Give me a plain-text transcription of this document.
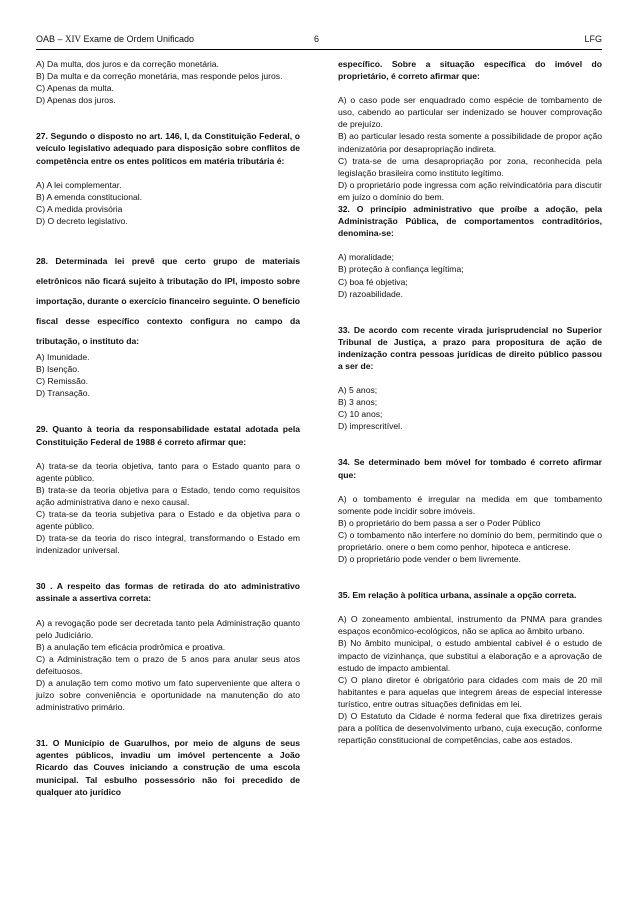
OAB – XIV Exame de Ordem Unificado	6	LFG

A) Da multa, dos juros e da correção monetária.

B) Da multa e da correção monetária, mas responde pelos juros.

C) Apenas da multa.

D) Apenas dos juros.

27. Segundo o disposto no art. 146, I, da Constituição Federal, o veículo legislativo adequado para disposição sobre conflitos de competência entre os entes políticos em matéria tributária é:

A) A lei complementar.

B) A emenda constitucional.

C) A medida provisória

D) O decreto legislativo.

28. Determinada lei prevê que certo grupo de materiais eletrônicos não ficará sujeito à tributação do IPI, imposto sobre importação, durante o exercício financeiro seguinte. O benefício fiscal desse específico contexto configura no campo da tributação, o instituto da:

A) Imunidade.

B) Isenção.

C) Remissão.

D) Transação.

29. Quanto à teoria da responsabilidade estatal adotada pela Constituição Federal de 1988 é correto afirmar que:

A) trata-se da teoria objetiva, tanto para o Estado quanto para o agente público.

B) trata-se da teoria objetiva para o Estado, tendo como requisitos ação administrativa dano e nexo causal.

C) trata-se da teoria subjetiva para o Estado e da objetiva para o agente público.

D) trata-se da teoria do risco integral, transformando o Estado em indenizador universal.

30 . A respeito das formas de retirada do ato administrativo assinale a assertiva correta:

A) a revogação pode ser decretada tanto pela Administração quanto pelo Judiciário.

B) a anulação tem eficácia prodrômica e proativa.

C) a Administração tem o prazo de 5 anos para anular seus atos defeituosos.

D) a anulação tem como motivo um fato superveniente que altera o juízo sobre conveniência e oportunidade na manutenção do ato administrativo primário.

31. O Município de Guarulhos, por meio de alguns de seus agentes públicos, invadiu um imóvel pertencente a João Ricardo das Couves iniciando a construção de uma escola municipal. Tal esbulho possessório não foi precedido de qualquer ato jurídico

específico. Sobre a situação específica do imóvel do proprietário, é correto afirmar que:

A) o caso pode ser enquadrado como espécie de tombamento de uso, cabendo ao particular ser indenizado se houver comprovação de prejuízo.

B) ao particular lesado resta somente a possibilidade de propor ação indenizatória por desapropriação indireta.

C) trata-se de uma desapropriação por zona, reconhecida pela legislação brasileira como instituto legítimo.

D) o proprietário pode ingressa com ação reivindicatória para discutir em juízo o domínio do bem.

32. O princípio administrativo que proíbe a adoção, pela Administração Pública, de comportamentos contraditórios, denomina-se:

A) moralidade;

B) proteção à confiança legítima;

C) boa fé objetiva;

D) razoabilidade.

33. De acordo com recente virada jurisprudencial no Superior Tribunal de Justiça, a prazo para propositura de ação de indenização contra pessoas jurídicas de direito público passou a ser de:

A) 5 anos;

B) 3 anos;

C) 10 anos;

D) imprescritível.

34. Se determinado bem móvel for tombado é correto afirmar que:

A) o tombamento é irregular na medida em que tombamento somente pode incidir sobre imóveis.

B) o proprietário do bem passa a ser o Poder Público

C) o tombamento não interfere no domínio do bem, permitindo que o proprietário. onere o bem como penhor, hipoteca e anticrese.

D) o proprietário pode vender o bem livremente.

35. Em relação à política urbana, assinale a opção correta.

A) O zoneamento ambiental, instrumento da PNMA para grandes espaços econômico-ecológicos, não se aplica ao âmbito urbano.

B) No âmbito municipal, o estudo ambiental cabível é o estudo de impacto de vizinhança, que substitui a elaboração e a aprovação de estudo de impacto ambiental.

C) O plano diretor é obrigatório para cidades com mais de 20 mil habitantes e para aquelas que integrem áreas de especial interesse turístico, entre outras situações definidas em lei.

D) O Estatuto da Cidade é norma federal que fixa diretrizes gerais para a política de desenvolvimento urbano, cuja execução, conforme repartição constitucional de competências, cabe aos estados.
